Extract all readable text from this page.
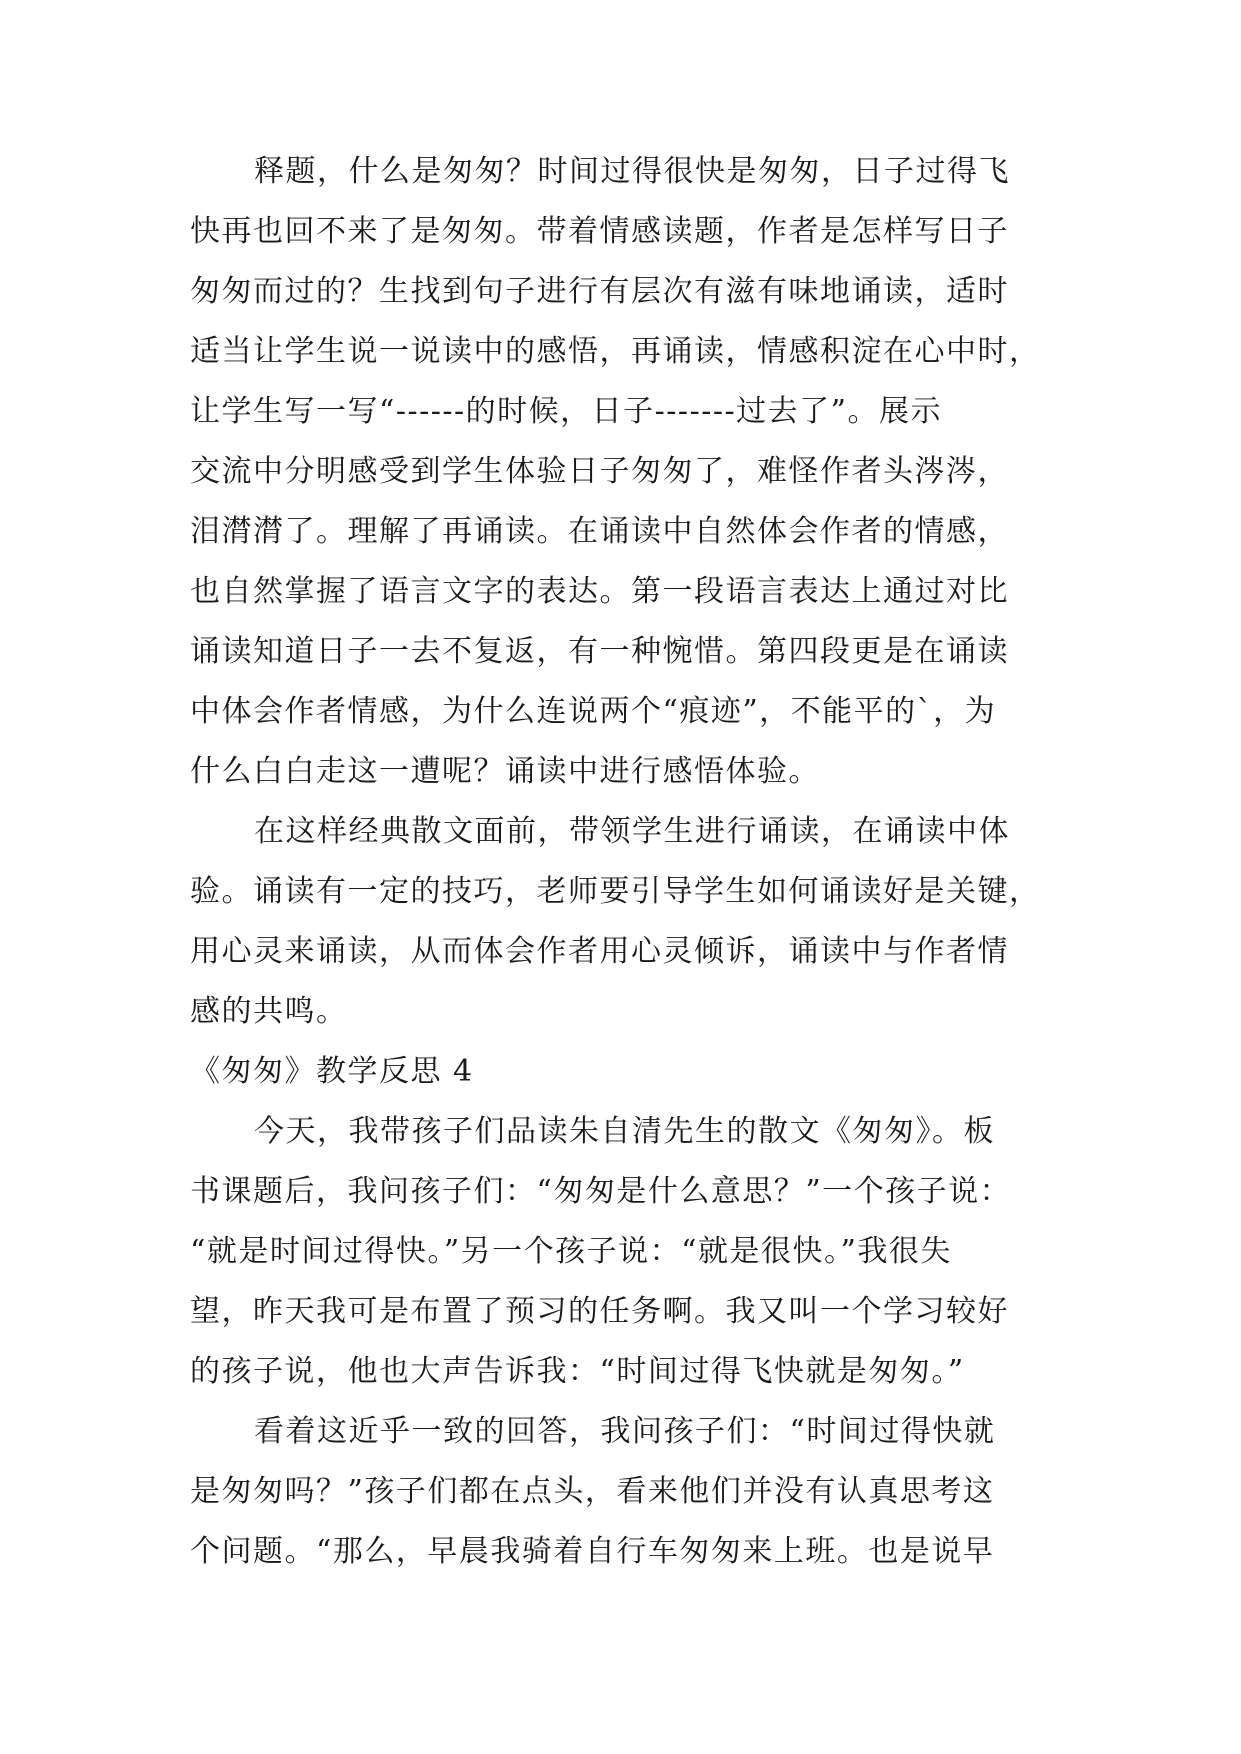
释题，什么是匆匆？时间过得很快是匆匆，日子过得飞
快再也回不来了是匆匆。带着情感读题，作者是怎样写日子
匆匆而过的？生找到句子进行有层次有滋有味地诵读，适时
适当让学生说一说读中的感悟，再诵读，情感积淀在心中时，
让学生写一写“------的时候，日子-------过去了”。展示
交流中分明感受到学生体验日子匆匆了，难怪作者头涔涔，
泪潸潸了。理解了再诵读。在诵读中自然体会作者的情感，
也自然掌握了语言文字的表达。第一段语言表达上通过对比
诵读知道日子一去不复返，有一种惋惜。第四段更是在诵读
中体会作者情感，为什么连说两个“痕迹”，不能平的`，为
什么白白走这一遭呢？诵读中进行感悟体验。
在这样经典散文面前，带领学生进行诵读，在诵读中体
验。诵读有一定的技巧，老师要引导学生如何诵读好是关键，
用心灵来诵读，从而体会作者用心灵倾诉，诵读中与作者情
感的共鸣。
《匆匆》教学反思 4
今天，我带孩子们品读朱自清先生的散文《匆匆》。板
书课题后，我问孩子们：“匆匆是什么意思？”一个孩子说：
“就是时间过得快。”另一个孩子说：“就是很快。”我很失
望，昨天我可是布置了预习的任务啊。我又叫一个学习较好
的孩子说，他也大声告诉我：“时间过得飞快就是匆匆。”
看着这近乎一致的回答，我问孩子们：“时间过得快就
是匆匆吗？”孩子们都在点头，看来他们并没有认真思考这
个问题。“那么，早晨我骑着自行车匆匆来上班。也是说早
